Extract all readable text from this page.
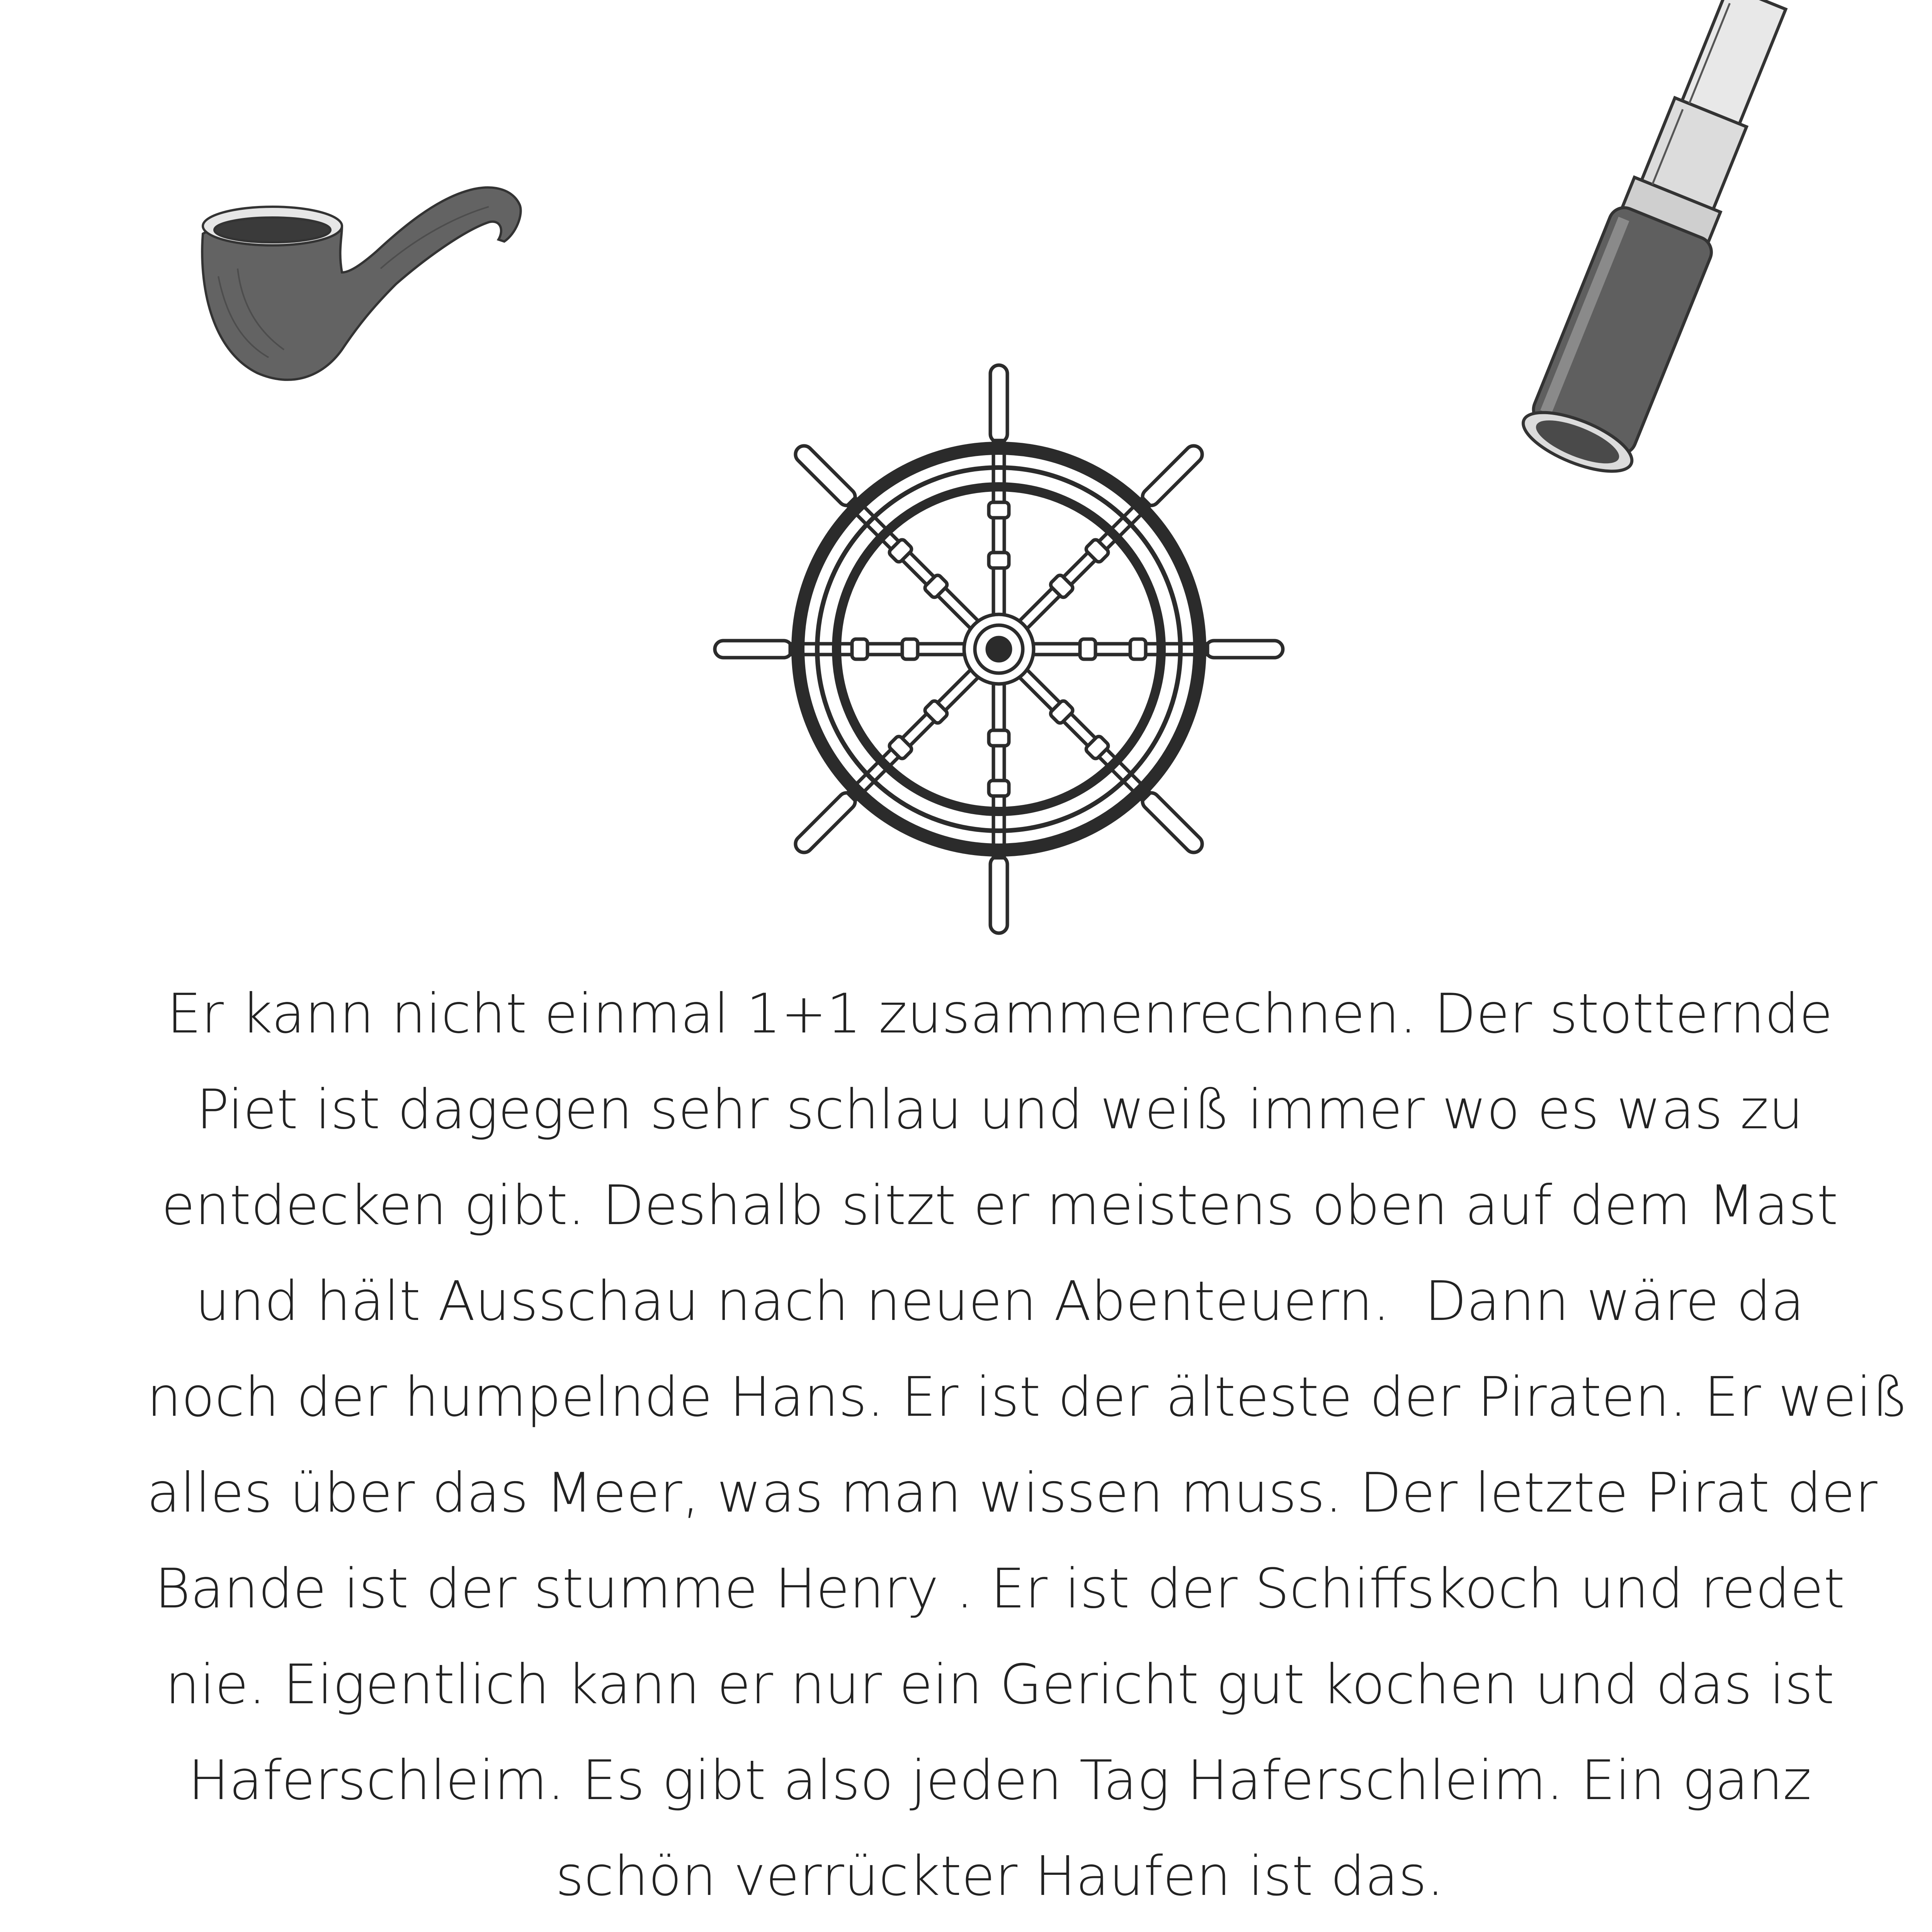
Er kann nicht einmal 1+1 zusammenrechnen. Der stotternde
Piet ist dagegen sehr schlau und weiß immer wo es was zu
entdecken gibt. Deshalb sitzt er meistens oben auf dem Mast
und hält Ausschau nach neuen Abenteuern.  Dann wäre da
noch der humpelnde Hans. Er ist der älteste der Piraten. Er weiß
alles über das Meer, was man wissen muss. Der letzte Pirat der
Bande ist der stumme Henry . Er ist der Schiffskoch und redet
nie. Eigentlich kann er nur ein Gericht gut kochen und das ist
Haferschleim. Es gibt also jeden Tag Haferschleim. Ein ganz
schön verrückter Haufen ist das.
